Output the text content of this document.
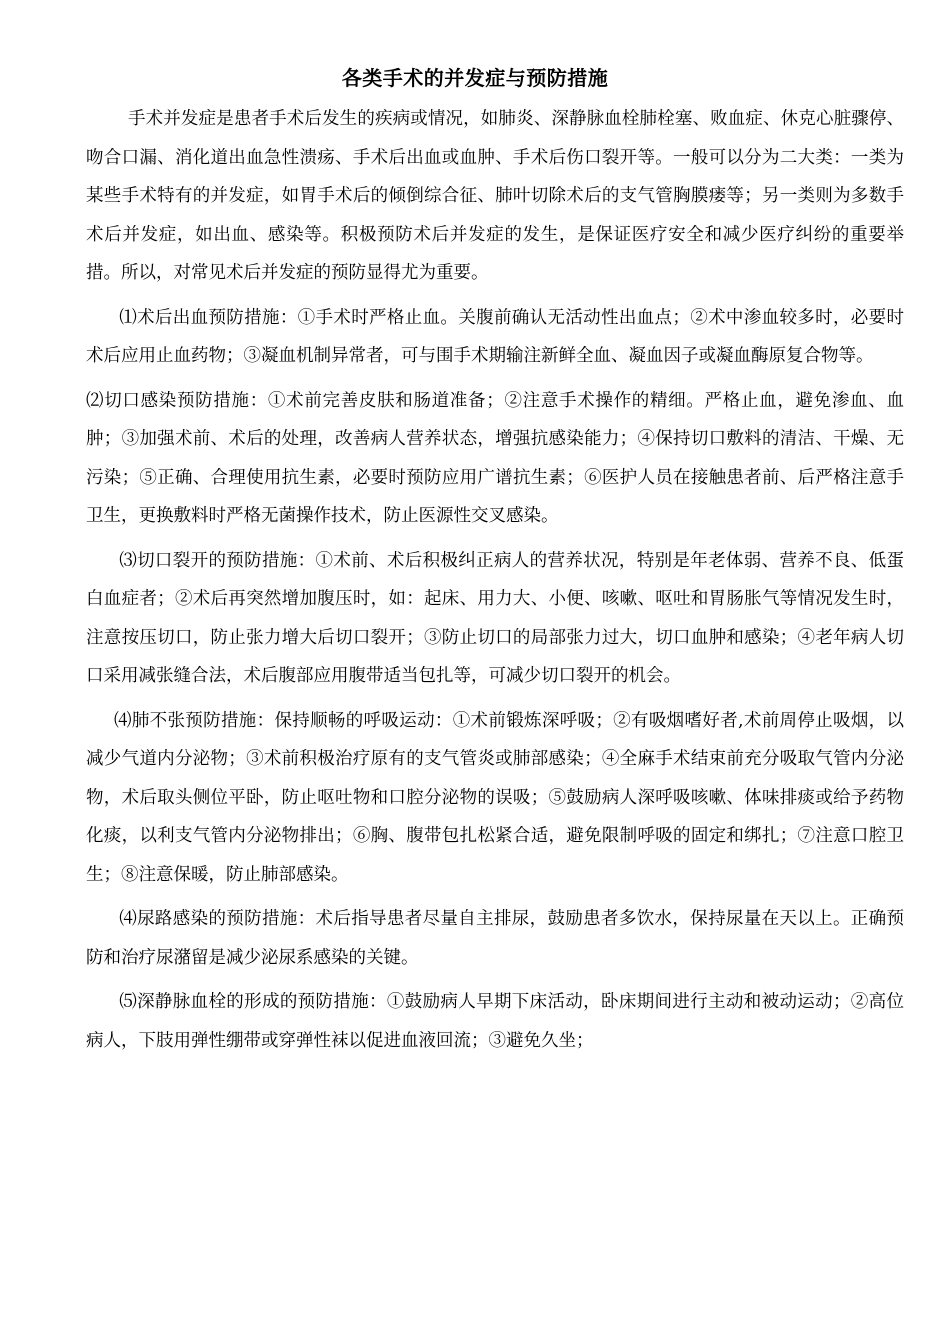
各类手术的并发症与预防措施

手术并发症是患者手术后发生的疾病或情况，如肺炎、深静脉血栓肺栓塞、败血症、休克心脏骤停、吻合口漏、消化道出血急性溃疡、手术后出血或血肿、手术后伤口裂开等。一般可以分为二大类：一类为某些手术特有的并发症，如胃手术后的倾倒综合征、肺叶切除术后的支气管胸膜瘘等；另一类则为多数手术后并发症，如出血、感染等。积极预防术后并发症的发生，是保证医疗安全和减少医疗纠纷的重要举措。所以，对常见术后并发症的预防显得尤为重要。

⑴术后出血预防措施：①手术时严格止血。关腹前确认无活动性出血点；②术中渗血较多时，必要时术后应用止血药物；③凝血机制异常者，可与围手术期输注新鲜全血、凝血因子或凝血酶原复合物等。

⑵切口感染预防措施：①术前完善皮肤和肠道准备；②注意手术操作的精细。严格止血，避免渗血、血肿；③加强术前、术后的处理，改善病人营养状态，增强抗感染能力；④保持切口敷料的清洁、干燥、无污染；⑤正确、合理使用抗生素，必要时预防应用广谱抗生素；⑥医护人员在接触患者前、后严格注意手卫生，更换敷料时严格无菌操作技术，防止医源性交叉感染。

⑶切口裂开的预防措施：①术前、术后积极纠正病人的营养状况，特别是年老体弱、营养不良、低蛋白血症者；②术后再突然增加腹压时，如：起床、用力大、小便、咳嗽、呕吐和胃肠胀气等情况发生时，注意按压切口，防止张力增大后切口裂开；③防止切口的局部张力过大，切口血肿和感染；④老年病人切口采用减张缝合法，术后腹部应用腹带适当包扎等，可减少切口裂开的机会。

⑷肺不张预防措施：保持顺畅的呼吸运动：①术前锻炼深呼吸；②有吸烟嗜好者,术前周停止吸烟，以减少气道内分泌物；③术前积极治疗原有的支气管炎或肺部感染；④全麻手术结束前充分吸取气管内分泌物，术后取头侧位平卧，防止呕吐物和口腔分泌物的误吸；⑤鼓励病人深呼吸咳嗽、体味排痰或给予药物化痰，以利支气管内分泌物排出；⑥胸、腹带包扎松紧合适，避免限制呼吸的固定和绑扎；⑦注意口腔卫生；⑧注意保暖，防止肺部感染。

⑷尿路感染的预防措施：术后指导患者尽量自主排尿，鼓励患者多饮水，保持尿量在天以上。正确预防和治疗尿潴留是减少泌尿系感染的关键。

⑸深静脉血栓的形成的预防措施：①鼓励病人早期下床活动，卧床期间进行主动和被动运动；②高位病人，下肢用弹性绷带或穿弹性袜以促进血液回流；③避免久坐；
